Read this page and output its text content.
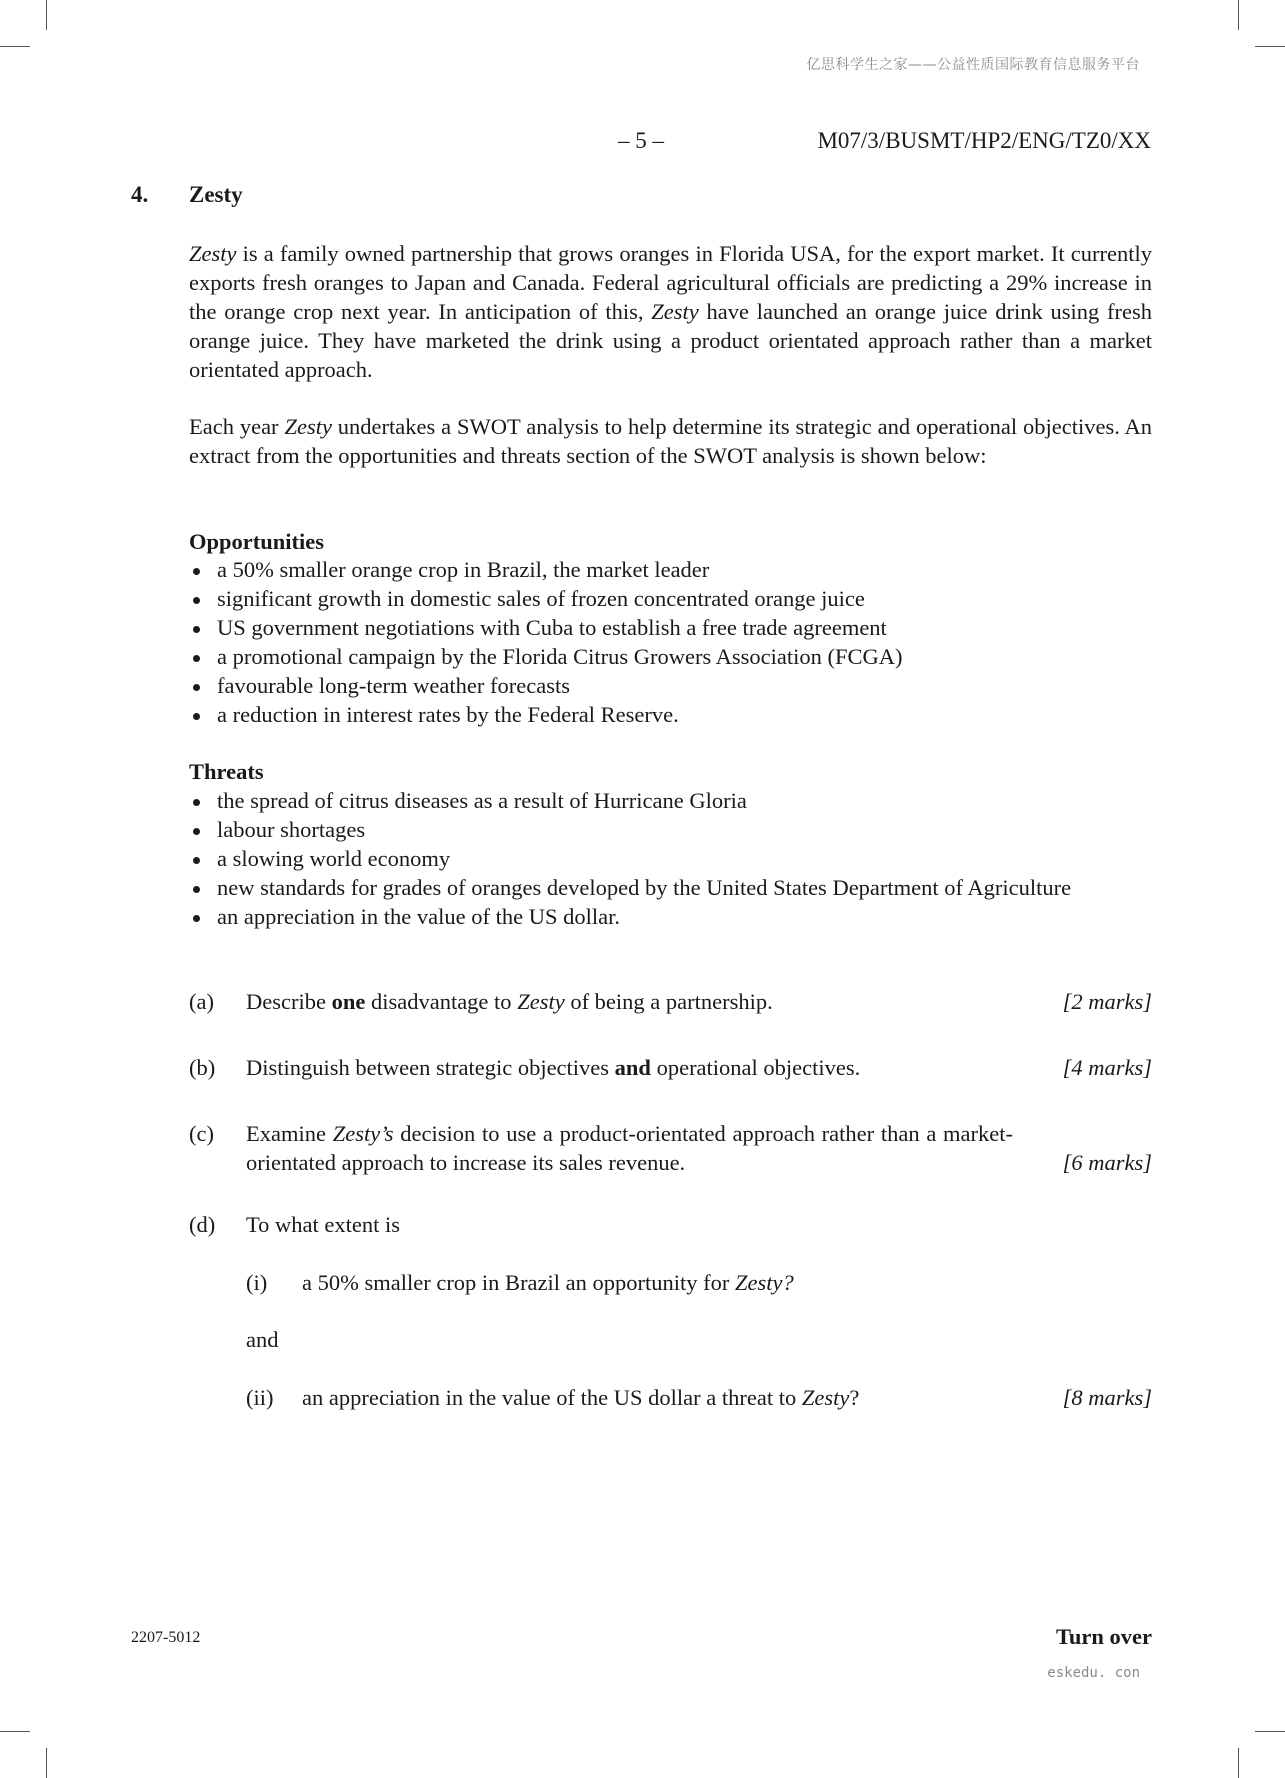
亿思科学生之家——公益性质国际教育信息服务平台
– 5 –	M07/3/BUSMT/HP2/ENG/TZ0/XX
4. Zesty

Zesty is a family owned partnership that grows oranges in Florida USA, for the export market. It currently exports fresh oranges to Japan and Canada. Federal agricultural officials are predicting a 29% increase in the orange crop next year. In anticipation of this, Zesty have launched an orange juice drink using fresh orange juice. They have marketed the drink using a product orientated approach rather than a market orientated approach.

Each year Zesty undertakes a SWOT analysis to help determine its strategic and operational objectives. An extract from the opportunities and threats section of the SWOT analysis is shown below:

Opportunities
a 50% smaller orange crop in Brazil, the market leader
significant growth in domestic sales of frozen concentrated orange juice
US government negotiations with Cuba to establish a free trade agreement
a promotional campaign by the Florida Citrus Growers Association (FCGA)
favourable long-term weather forecasts
a reduction in interest rates by the Federal Reserve.
Threats
the spread of citrus diseases as a result of Hurricane Gloria
labour shortages
a slowing world economy
new standards for grades of oranges developed by the United States Department of Agriculture
an appreciation in the value of the US dollar.
(a) Describe one disadvantage to Zesty of being a partnership.	[2 marks]
(b) Distinguish between strategic objectives and operational objectives.	[4 marks]
(c) Examine Zesty’s decision to use a product-orientated approach rather than a market-orientated approach to increase its sales revenue.	[6 marks]
(d) To what extent is
(i) a 50% smaller crop in Brazil an opportunity for Zesty?
and
(ii) an appreciation in the value of the US dollar a threat to Zesty?	[8 marks]
2207-5012	Turn over
eskedu. con
